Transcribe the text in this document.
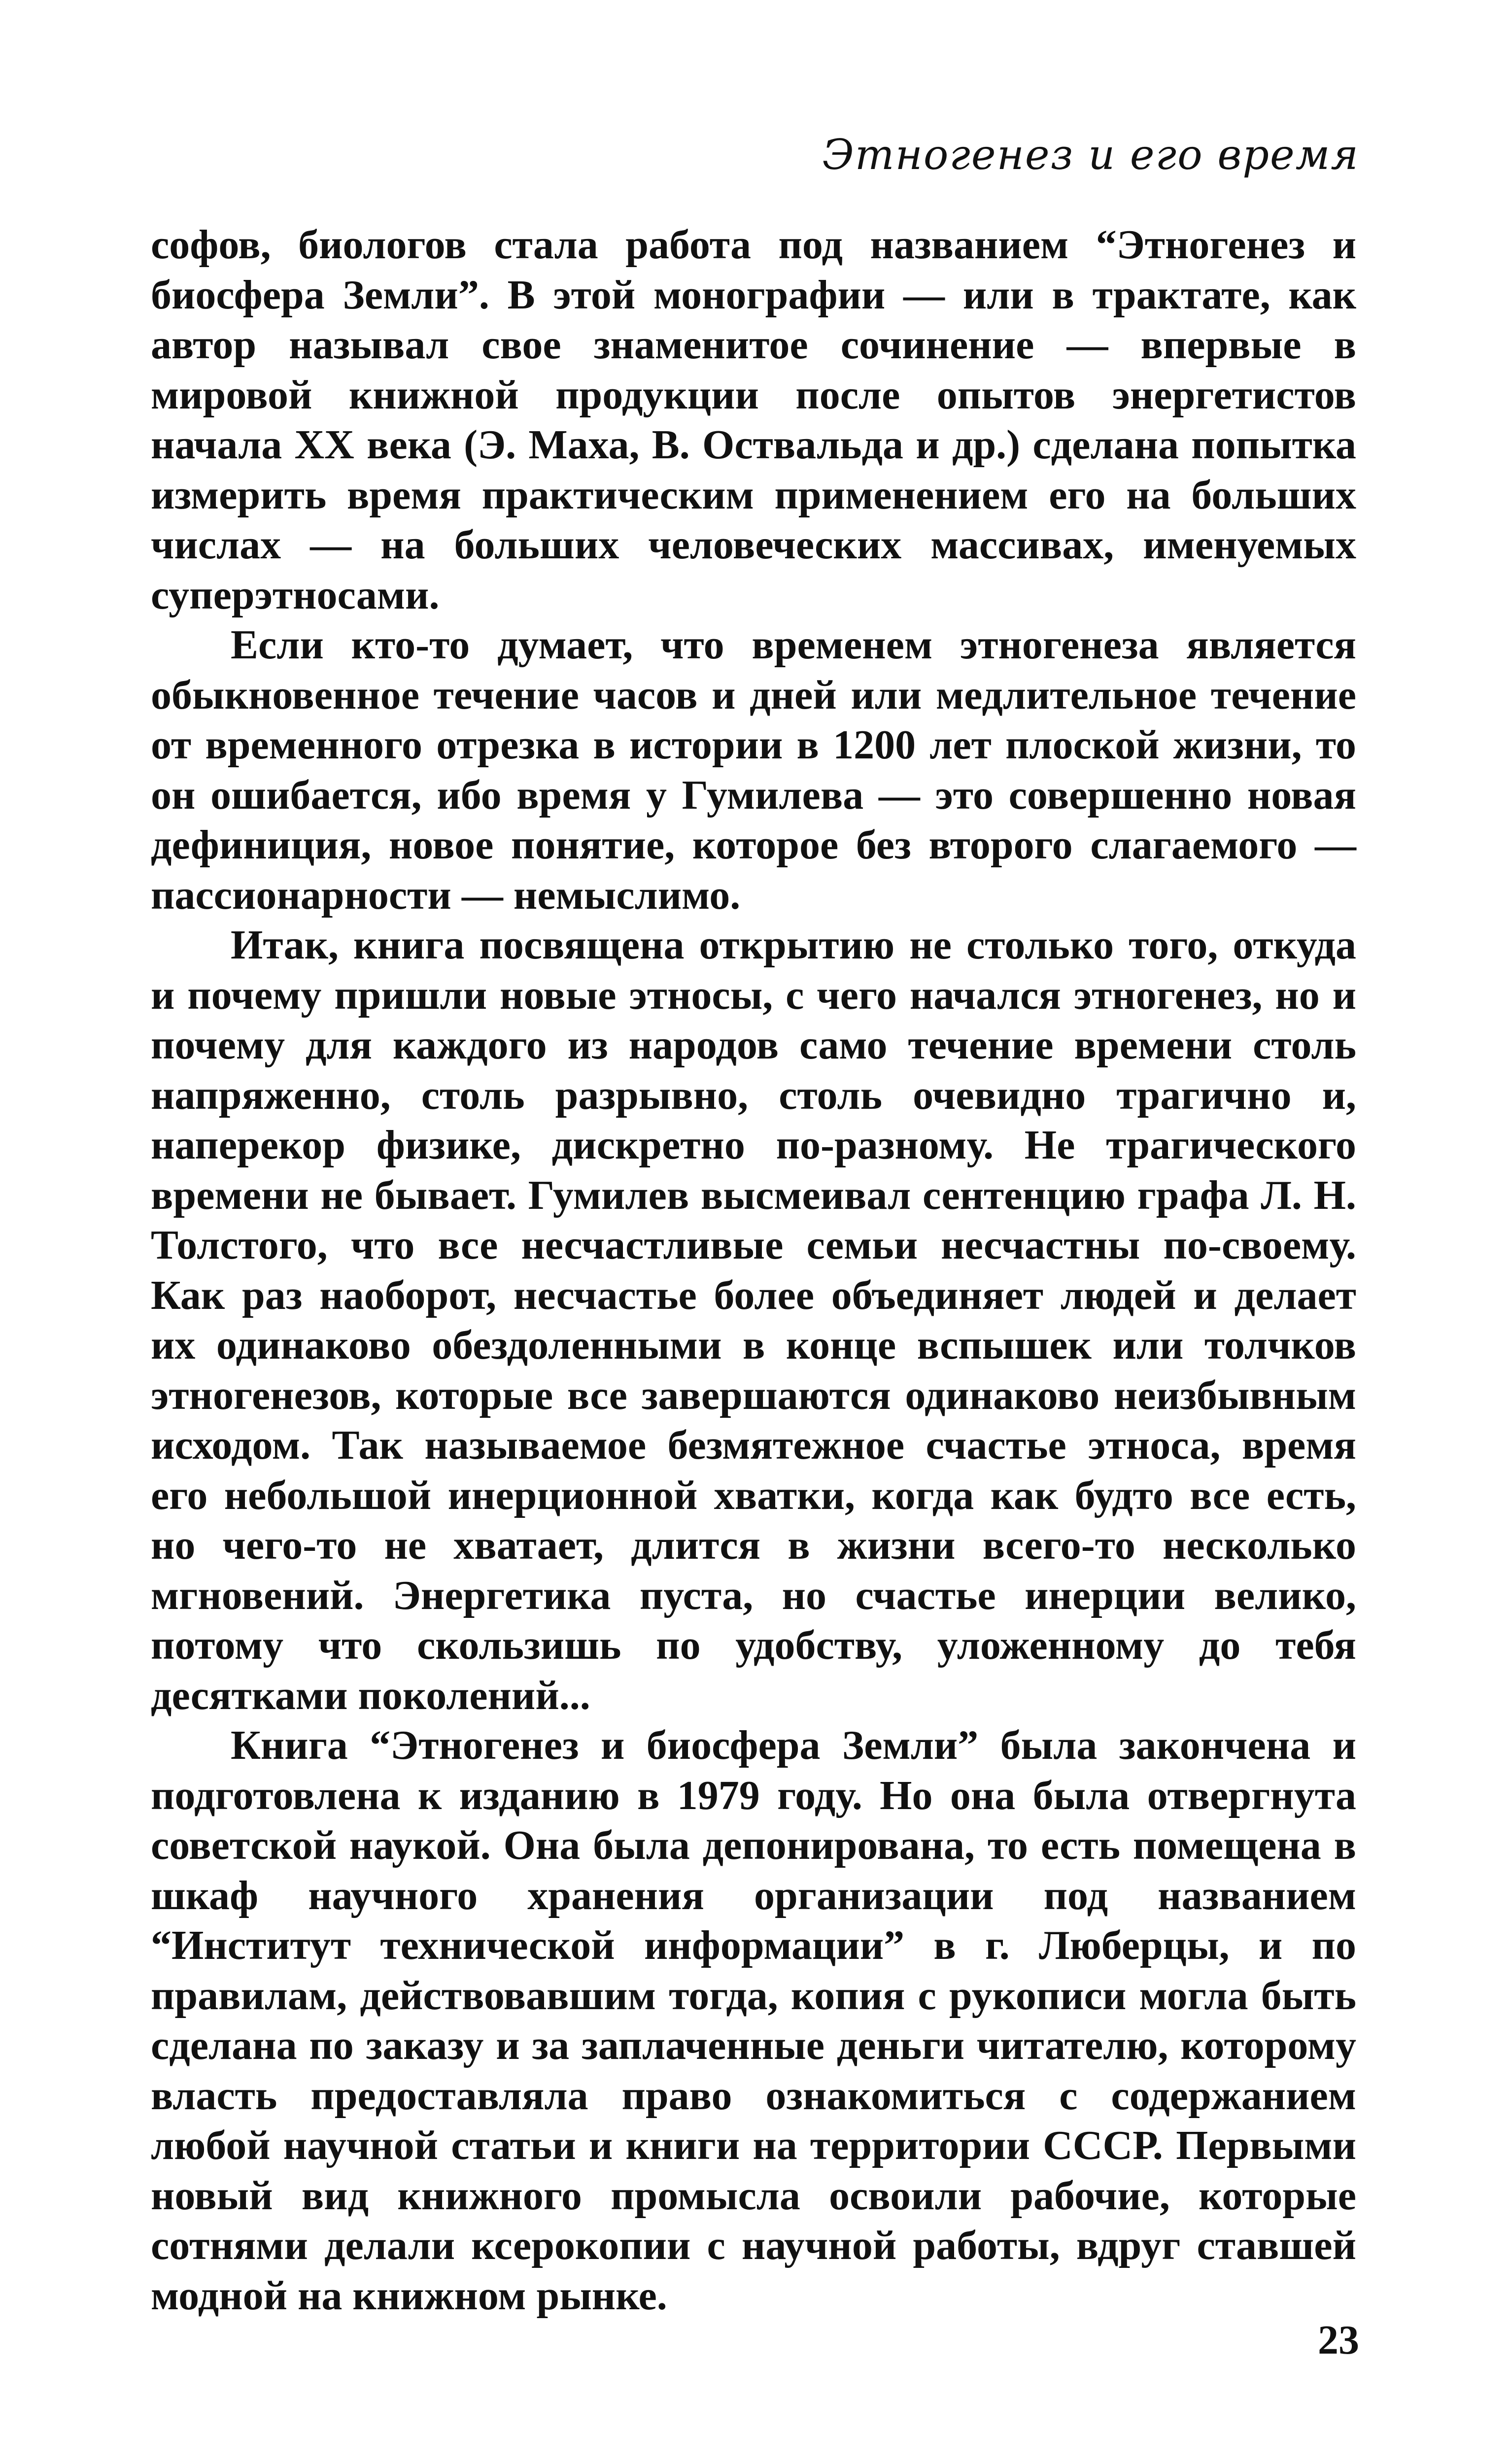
Этногенез и его время

софов, биологов стала работа под названием “Этногенез и биосфера Земли”. В этой монографии — или в трактате, как автор называл свое знаменитое сочинение — впервые в мировой книжной продукции после опытов энергетистов начала XX века (Э. Маха, В. Оствальда и др.) сделана попытка измерить время практическим применением его на больших числах — на больших человеческих массивах, именуемых суперэтносами.

Если кто-то думает, что временем этногенеза является обыкновенное течение часов и дней или медлительное течение от временного отрезка в истории в 1200 лет плоской жизни, то он ошибается, ибо время у Гумилева — это совершенно новая дефиниция, новое понятие, которое без второго слагаемого — пассионарности — немыслимо.

Итак, книга посвящена открытию не столько того, откуда и почему пришли новые этносы, с чего начался этногенез, но и почему для каждого из народов само течение времени столь напряженно, столь разрывно, столь очевидно трагично и, наперекор физике, дискретно по-разному. Не трагического времени не бывает. Гумилев высмеивал сентенцию графа Л. Н. Толстого, что все несчастливые семьи несчастны по-своему. Как раз наоборот, несчастье более объединяет людей и делает их одинаково обездоленными в конце вспышек или толчков этногенезов, которые все завершаются одинаково неизбывным исходом. Так называемое безмятежное счастье этноса, время его небольшой инерционной хватки, когда как будто все есть, но чего-то не хватает, длится в жизни всего-то несколько мгновений. Энергетика пуста, но счастье инерции велико, потому что скользишь по удобству, уложенному до тебя десятками поколений...

Книга “Этногенез и биосфера Земли” была закончена и подготовлена к изданию в 1979 году. Но она была отвергнута советской наукой. Она была депонирована, то есть помещена в шкаф научного хранения организации под названием “Институт технической информации” в г. Люберцы, и по правилам, действовавшим тогда, копия с рукописи могла быть сделана по заказу и за заплаченные деньги читателю, которому власть предоставляла право ознакомиться с содержанием любой научной статьи и книги на территории СССР. Первыми новый вид книжного промысла освоили рабочие, которые сотнями делали ксерокопии с научной работы, вдруг ставшей модной на книжном рынке.

23
